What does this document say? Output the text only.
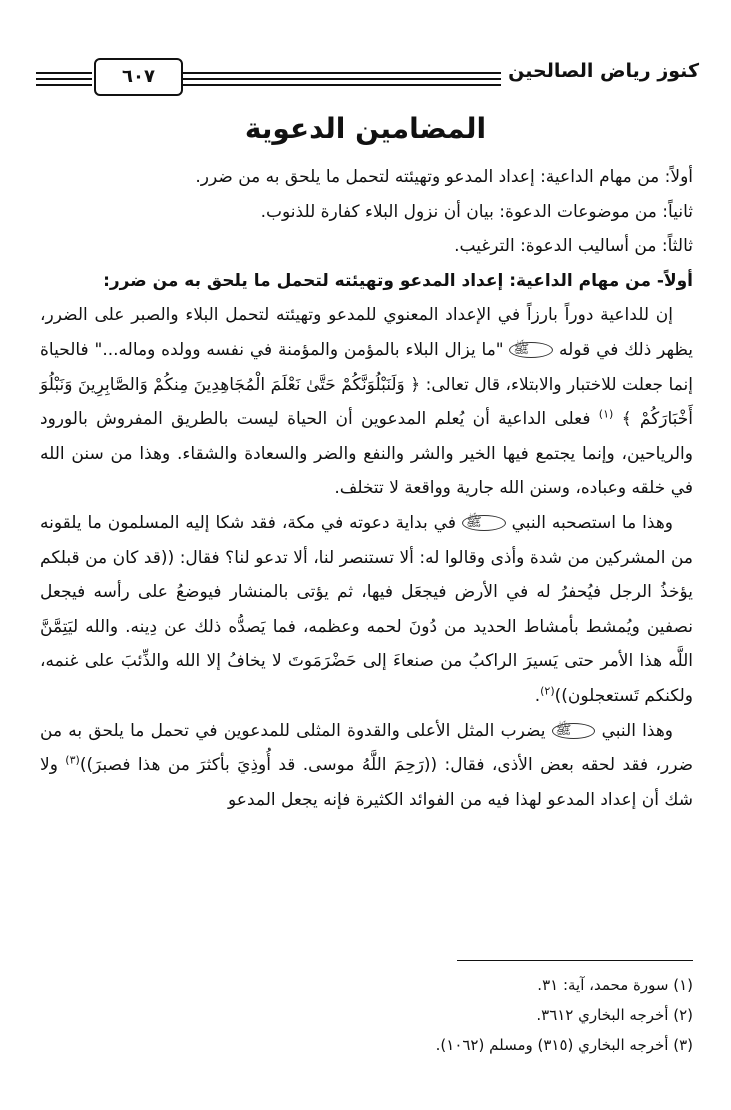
كنوز رياض الصالحين
٦٠٧
المضامين الدعوية

أولاً: من مهام الداعية: إعداد المدعو وتهيئته لتحمل ما يلحق به من ضرر.

ثانياً: من موضوعات الدعوة: بيان أن نزول البلاء كفارة للذنوب.

ثالثاً: من أساليب الدعوة: الترغيب.

أولاً- من مهام الداعية: إعداد المدعو وتهيئته لتحمل ما يلحق به من ضرر:

إن للداعية دوراً بارزاً في الإعداد المعنوي للمدعو وتهيئته لتحمل البلاء والصبر على الضرر، يظهر ذلك في قوله ﷺ "ما يزال البلاء بالمؤمن والمؤمنة في نفسه وولده وماله..." فالحياة إنما جعلت للاختبار والابتلاء، قال تعالى: ﴿ وَلَنَبْلُوَنَّكُمْ حَتَّىٰ نَعْلَمَ الْمُجَاهِدِينَ مِنكُمْ وَالصَّابِرِينَ وَنَبْلُوَ أَخْبَارَكُمْ ﴾ $^{(١)}$ فعلى الداعية أن يُعلم المدعوين أن الحياة ليست بالطريق المفروش بالورود والرياحين، وإنما يجتمع فيها الخير والشر والنفع والضر والسعادة والشقاء. وهذا من سنن الله في خلقه وعباده، وسنن الله جارية وواقعة لا تتخلف.

وهذا ما استصحبه النبي ﷺ في بداية دعوته في مكة، فقد شكا إليه المسلمون ما يلقونه من المشركين من شدة وأذى وقالوا له: ألا تستنصر لنا، ألا تدعو لنا؟ فقال: ((قد كان من قبلكم يؤخذُ الرجل فيُحفرُ له في الأرض فيجعَل فيها، ثم يؤتى بالمنشار فيوضعُ على رأسه فيجعل نصفين ويُمشط بأمشاط الحديد من دُونَ لحمه وعظمه، فما يَصدُّه ذلك عن دِينه. والله ليَتِمَّنَّ اللَّه هذا الأمر حتى يَسيرَ الراكبُ من صنعاءَ إلى حَضْرَمَوتَ لا يخافُ إلا الله والذِّئبَ على غنمه، ولكنكم تَستعجلون))$^{(٢)}$.

وهذا النبي ﷺ يضرب المثل الأعلى والقدوة المثلى للمدعوين في تحمل ما يلحق به من ضرر، فقد لحقه بعض الأذى، فقال: ((رَحِمَ اللَّهُ موسى. قد أُوذِيَ بأكثرَ من هذا فصبرَ))$^{(٣)}$ ولا شك أن إعداد المدعو لهذا فيه من الفوائد الكثيرة فإنه يجعل المدعو

(١) سورة محمد، آية: ٣١.
(٢) أخرجه البخاري ٣٦١٢.
(٣) أخرجه البخاري (٣١٥) ومسلم (١٠٦٢).
